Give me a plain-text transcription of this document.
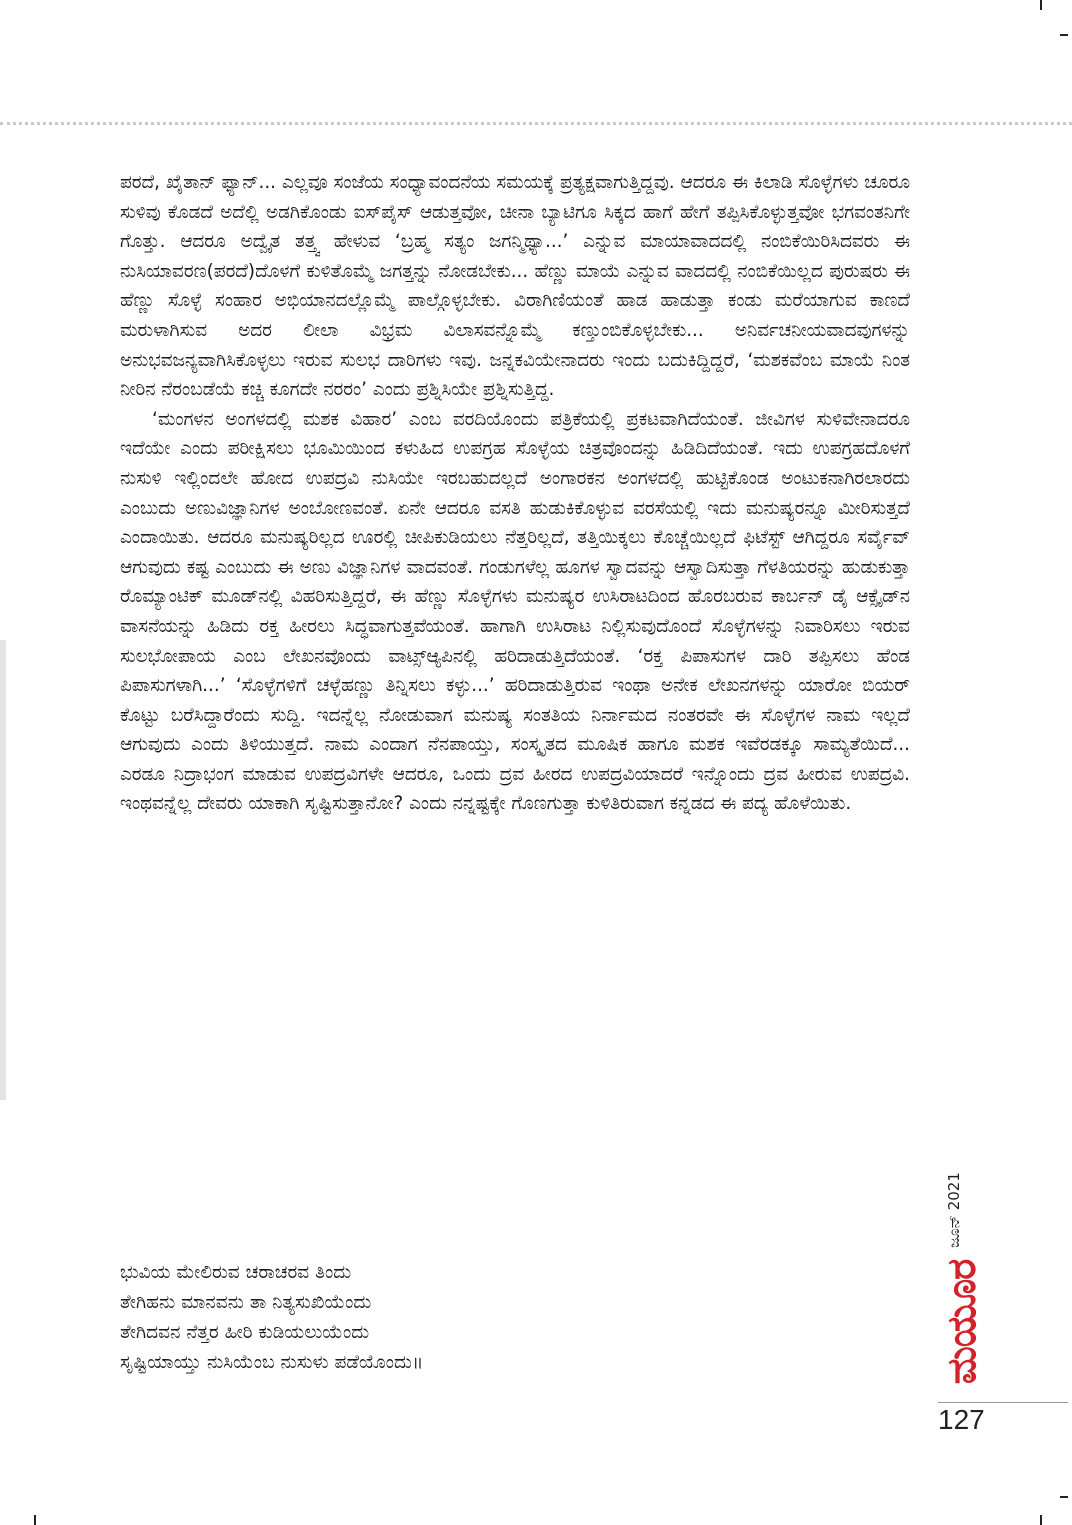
ಪರದೆ, ಖೈತಾನ್ ಫ್ಯಾನ್... ಎಲ್ಲವೂ ಸಂಜೆಯ ಸಂಧ್ಯಾವಂದನೆಯ ಸಮಯಕ್ಕೆ ಪ್ರತ್ಯಕ್ಷವಾಗುತ್ತಿದ್ದವು. ಆದರೂ ಈ ಕಿಲಾಡಿ ಸೊಳ್ಳೆಗಳು ಚೂರೂ ಸುಳಿವು ಕೊಡದೆ ಅದೆಲ್ಲಿ ಅಡಗಿಕೊಂಡು ಐಸ್‌ಪೈಸ್ ಆಡುತ್ತವೋ, ಚೀನಾ ಬ್ಯಾಟಿಗೂ ಸಿಕ್ಕದ ಹಾಗೆ ಹೇಗೆ ತಪ್ಪಿಸಿಕೊಳ್ಳುತ್ತವೋ ಭಗವಂತನಿಗೇ ಗೊತ್ತು. ಆದರೂ ಅದ್ವೈತ ತತ್ತ್ವ ಹೇಳುವ ‘ಬ್ರಹ್ಮ ಸತ್ಯಂ ಜಗನ್ಮಿಥ್ಯಾ...’ ಎನ್ನುವ ಮಾಯಾವಾದದಲ್ಲಿ ನಂಬಿಕೆಯಿರಿಸಿದವರು ಈ ನುಸಿಯಾವರಣ(ಪರದೆ)ದೊಳಗೆ ಕುಳಿತೊಮ್ಮೆ ಜಗತ್ತನ್ನು ನೋಡಬೇಕು... ಹೆಣ್ಣು ಮಾಯೆ ಎನ್ನುವ ವಾದದಲ್ಲಿ ನಂಬಿಕೆಯಿಲ್ಲದ ಪುರುಷರು ಈ ಹೆಣ್ಣು ಸೊಳ್ಳೆ ಸಂಹಾರ ಅಭಿಯಾನದಲ್ಲೊಮ್ಮೆ ಪಾಲ್ಗೊಳ್ಳಬೇಕು. ವಿರಾಗಿಣಿಯಂತೆ ಹಾಡ ಹಾಡುತ್ತಾ ಕಂಡು ಮರೆಯಾಗುವ ಕಾಣದೆ ಮರುಳಾಗಿಸುವ ಅದರ ಲೀಲಾ ವಿಭ್ರಮ ವಿಲಾಸವನ್ನೊಮ್ಮೆ ಕಣ್ತುಂಬಿಕೊಳ್ಳಬೇಕು... ಅನಿರ್ವಚನೀಯವಾದವುಗಳನ್ನು ಅನುಭವಜನ್ಯವಾಗಿಸಿಕೊಳ್ಳಲು ಇರುವ ಸುಲಭ ದಾರಿಗಳು ಇವು. ಜನ್ನಕವಿಯೇನಾದರು ಇಂದು ಬದುಕಿದ್ದಿದ್ದರೆ, ‘ಮಶಕವೆಂಬ ಮಾಯೆ ನಿಂತ ನೀರಿನ ನೆರಂಬಡೆಯೆ ಕಚ್ಚಿ ಕೂಗದೇ ನರರಂ’ ಎಂದು ಪ್ರಶ್ನಿಸಿಯೇ ಪ್ರಶ್ನಿಸುತ್ತಿದ್ದ.

‘ಮಂಗಳನ ಅಂಗಳದಲ್ಲಿ ಮಶಕ ವಿಹಾರ’ ಎಂಬ ವರದಿಯೊಂದು ಪತ್ರಿಕೆಯಲ್ಲಿ ಪ್ರಕಟವಾಗಿದೆಯಂತೆ. ಜೀವಿಗಳ ಸುಳಿವೇನಾದರೂ ಇದೆಯೇ ಎಂದು ಪರೀಕ್ಷಿಸಲು ಭೂಮಿಯಿಂದ ಕಳುಹಿದ ಉಪಗ್ರಹ ಸೊಳ್ಳೆಯ ಚಿತ್ರವೊಂದನ್ನು ಹಿಡಿದಿದೆಯಂತೆ. ಇದು ಉಪಗ್ರಹದೊಳಗೆ ನುಸುಳಿ ಇಲ್ಲಿಂದಲೇ ಹೋದ ಉಪದ್ರವಿ ನುಸಿಯೇ ಇರಬಹುದಲ್ಲದೆ ಅಂಗಾರಕನ ಅಂಗಳದಲ್ಲಿ ಹುಟ್ಟಿಕೊಂಡ ಅಂಟುಕನಾಗಿರಲಾರದು ಎಂಬುದು ಅಣುವಿಜ್ಞಾನಿಗಳ ಅಂಬೋಣವಂತೆ. ಏನೇ ಆದರೂ ವಸತಿ ಹುಡುಕಿಕೊಳ್ಳುವ ವರಸೆಯಲ್ಲಿ ಇದು ಮನುಷ್ಯರನ್ನೂ ಮೀರಿಸುತ್ತದೆ ಎಂದಾಯಿತು. ಆದರೂ ಮನುಷ್ಯರಿಲ್ಲದ ಊರಲ್ಲಿ ಚೀಪಿಕುಡಿಯಲು ನೆತ್ತರಿಲ್ಲದೆ, ತತ್ತಿಯಿಕ್ಕಲು ಕೊಚ್ಚೆಯಿಲ್ಲದೆ ಫಿಟೆಸ್ಟ್ ಆಗಿದ್ದರೂ ಸರ್ವೈವ್ ಆಗುವುದು ಕಷ್ಟ ಎಂಬುದು ಈ ಅಣು ವಿಜ್ಞಾನಿಗಳ ವಾದವಂತೆ. ಗಂಡುಗಳೆಲ್ಲ ಹೂಗಳ ಸ್ವಾದವನ್ನು ಆಸ್ವಾದಿಸುತ್ತಾ ಗೆಳತಿಯರನ್ನು ಹುಡುಕುತ್ತಾ ರೊಮ್ಯಾಂಟಿಕ್ ಮೂಡ್‌ನಲ್ಲಿ ವಿಹರಿಸುತ್ತಿದ್ದರೆ, ಈ ಹೆಣ್ಣು ಸೊಳ್ಳೆಗಳು ಮನುಷ್ಯರ ಉಸಿರಾಟದಿಂದ ಹೊರಬರುವ ಕಾರ್ಬನ್ ಡೈ ಆಕ್ಸೈಡ್‌ನ ವಾಸನೆಯನ್ನು ಹಿಡಿದು ರಕ್ತ ಹೀರಲು ಸಿದ್ಧವಾಗುತ್ತವೆಯಂತೆ. ಹಾಗಾಗಿ ಉಸಿರಾಟ ನಿಲ್ಲಿಸುವುದೊಂದೆ ಸೊಳ್ಳೆಗಳನ್ನು ನಿವಾರಿಸಲು ಇರುವ ಸುಲಭೋಪಾಯ ಎಂಬ ಲೇಖನವೊಂದು ವಾಟ್ಸ್ಆ್ಯಪಿನಲ್ಲಿ ಹರಿದಾಡುತ್ತಿದೆಯಂತೆ. ‘ರಕ್ತ ಪಿಪಾಸುಗಳ ದಾರಿ ತಪ್ಪಿಸಲು ಹೆಂಡ ಪಿಪಾಸುಗಳಾಗಿ...’ ‘ಸೊಳ್ಳೆಗಳಿಗೆ ಚಳ್ಳೆಹಣ್ಣು ತಿನ್ನಿಸಲು ಕಳ್ಳು...’ ಹರಿದಾಡುತ್ತಿರುವ ಇಂಥಾ ಅನೇಕ ಲೇಖನಗಳನ್ನು ಯಾರೋ ಬಿಯರ್ ಕೊಟ್ಟು ಬರೆಸಿದ್ದಾರೆಂದು ಸುದ್ದಿ. ಇದನ್ನೆಲ್ಲ ನೋಡುವಾಗ ಮನುಷ್ಯ ಸಂತತಿಯ ನಿರ್ನಾಮದ ನಂತರವೇ ಈ ಸೊಳ್ಳೆಗಳ ನಾಮ ಇಲ್ಲದೆ ಆಗುವುದು ಎಂದು ತಿಳಿಯುತ್ತದೆ. ನಾಮ ಎಂದಾಗ ನೆನಪಾಯ್ತು, ಸಂಸ್ಕೃತದ ಮೂಷಿಕ ಹಾಗೂ ಮಶಕ ಇವೆರಡಕ್ಕೂ ಸಾಮ್ಯತೆಯಿದೆ... ಎರಡೂ ನಿದ್ರಾಭಂಗ ಮಾಡುವ ಉಪದ್ರವಿಗಳೇ ಆದರೂ, ಒಂದು ದ್ರವ ಹೀರದ ಉಪದ್ರವಿಯಾದರೆ ಇನ್ನೊಂದು ದ್ರವ ಹೀರುವ ಉಪದ್ರವಿ. ಇಂಥವನ್ನೆಲ್ಲ ದೇವರು ಯಾಕಾಗಿ ಸೃಷ್ಟಿಸುತ್ತಾನೋ? ಎಂದು ನನ್ನಷ್ಟಕ್ಕೇ ಗೊಣಗುತ್ತಾ ಕುಳಿತಿರುವಾಗ ಕನ್ನಡದ ಈ ಪದ್ಯ ಹೊಳೆಯಿತು.

ಭುವಿಯ ಮೇಲಿರುವ ಚರಾಚರವ ತಿಂದು
ತೇಗಿಹನು ಮಾನವನು ತಾ ನಿತ್ಯಸುಖಿಯೆಂದು
ತೇಗಿದವನ ನೆತ್ತರ ಹೀರಿ ಕುಡಿಯಲುಯೆಂದು
ಸೃಷ್ಟಿಯಾಯ್ತು ನುಸಿಯೆಂಬ ನುಸುಳು ಪಡೆಯೊಂದು॥
ಜೂನ್ 2021
ಮಯೂರ
127
